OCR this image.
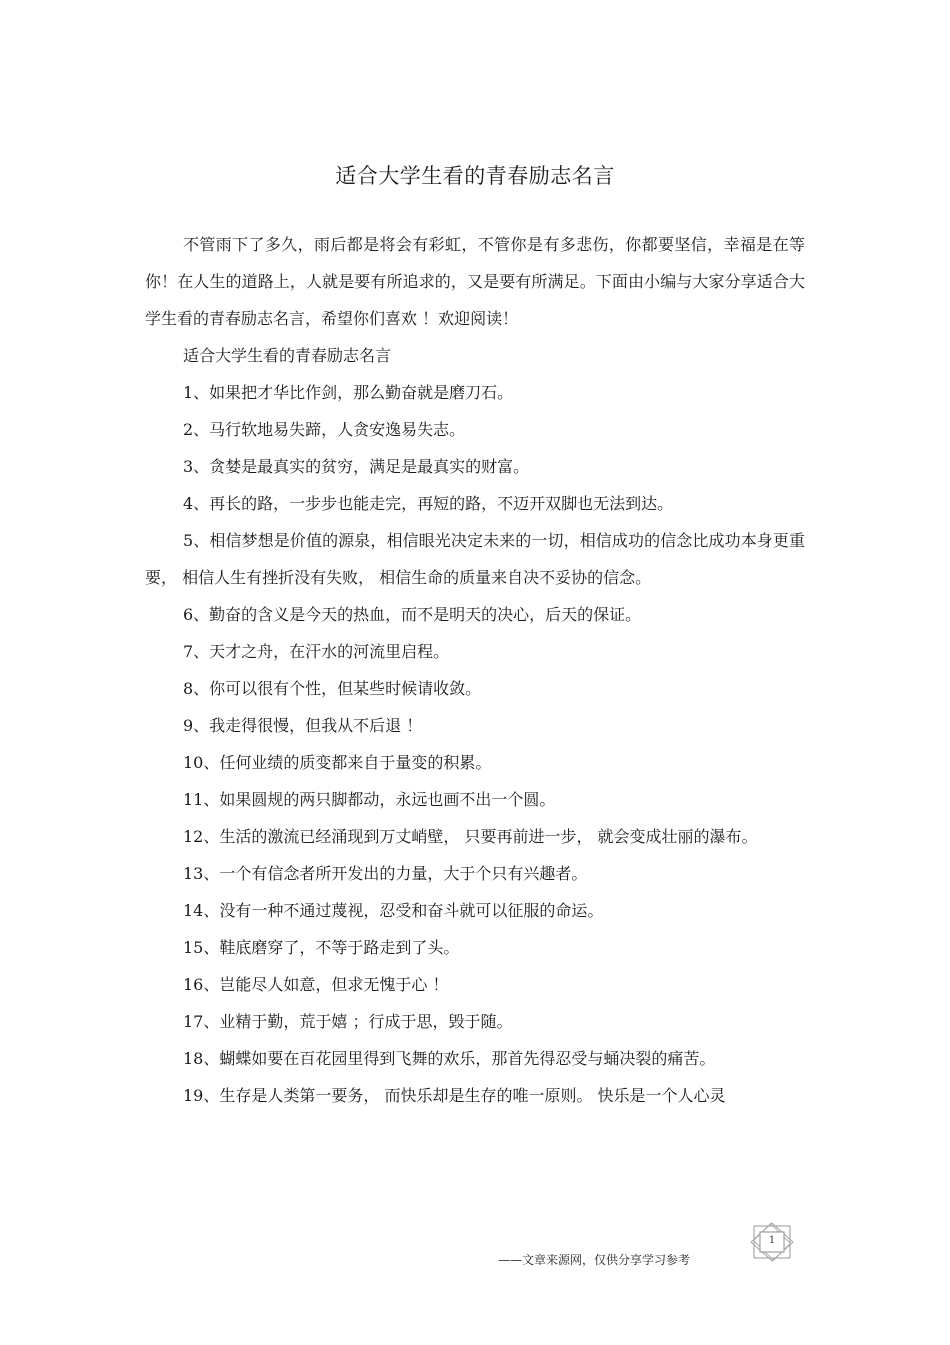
适合大学生看的青春励志名言

不管雨下了多久，雨后都是将会有彩虹，不管你是有多悲伤，你都要坚信，幸福是在等你！在人生的道路上，人就是要有所追求的，又是要有所满足。下面由小编与大家分享适合大学生看的青春励志名言，希望你们喜欢 ！欢迎阅读！

适合大学生看的青春励志名言

1、如果把才华比作剑，那么勤奋就是磨刀石。

2、马行软地易失蹄，人贪安逸易失志。

3、贪婪是最真实的贫穷，满足是最真实的财富。

4、再长的路，一步步也能走完，再短的路，不迈开双脚也无法到达。

5、相信梦想是价值的源泉，相信眼光决定未来的一切，相信成功的信念比成功本身更重要， 相信人生有挫折没有失败， 相信生命的质量来自决不妥协的信念。

6、勤奋的含义是今天的热血，而不是明天的决心，后天的保证。

7、天才之舟，在汗水的河流里启程。

8、你可以很有个性，但某些时候请收敛。

9、我走得很慢，但我从不后退 ！

10、任何业绩的质变都来自于量变的积累。

11、如果圆规的两只脚都动，永远也画不出一个圆。

12、生活的激流已经涌现到万丈峭壁， 只要再前进一步， 就会变成壮丽的瀑布。

13、一个有信念者所开发出的力量，大于个只有兴趣者。

14、没有一种不通过蔑视，忍受和奋斗就可以征服的命运。

15、鞋底磨穿了，不等于路走到了头。

16、岂能尽人如意，但求无愧于心 ！

17、业精于勤，荒于嬉 ；行成于思，毁于随。

18、蝴蝶如要在百花园里得到飞舞的欢乐，那首先得忍受与蛹决裂的痛苦。

19、生存是人类第一要务， 而快乐却是生存的唯一原则。 快乐是一个人心灵

1
——文章来源网，仅供分享学习参考
